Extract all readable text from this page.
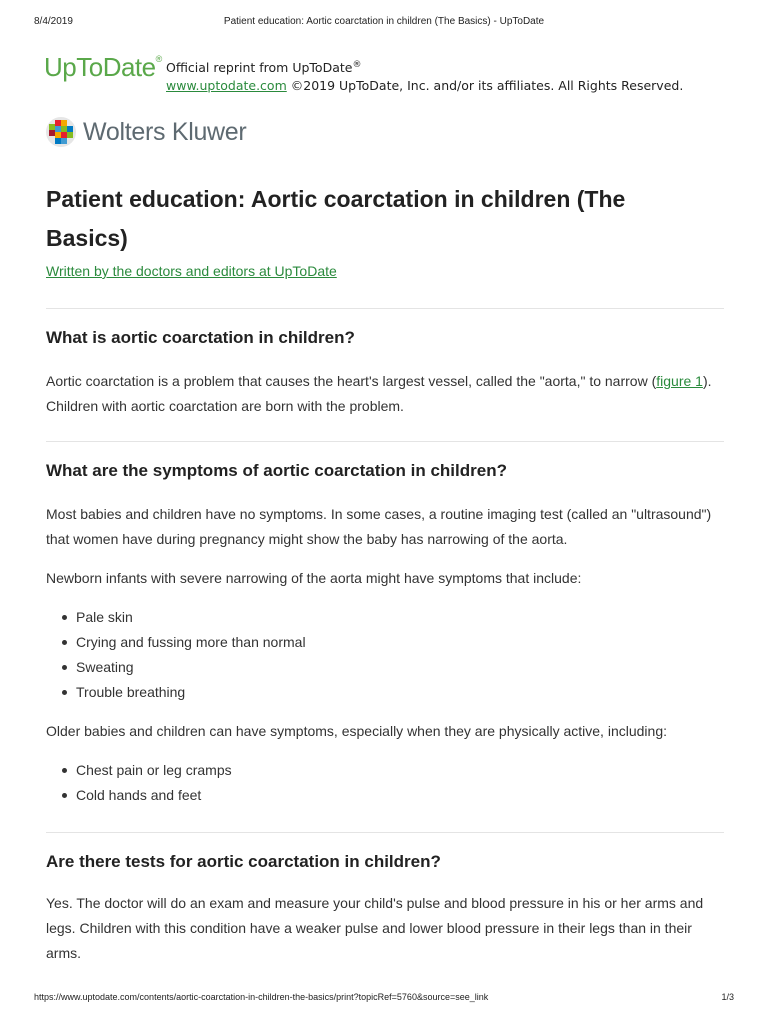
8/4/2019	Patient education: Aortic coarctation in children (The Basics) - UpToDate
UpToDate®
Official reprint from UpToDate®
www.uptodate.com ©2019 UpToDate, Inc. and/or its affiliates. All Rights Reserved.
Wolters Kluwer
Patient education: Aortic coarctation in children (The Basics)
Written by the doctors and editors at UpToDate
What is aortic coarctation in children?

Aortic coarctation is a problem that causes the heart's largest vessel, called the "aorta," to narrow (figure 1). Children with aortic coarctation are born with the problem.

What are the symptoms of aortic coarctation in children?

Most babies and children have no symptoms. In some cases, a routine imaging test (called an "ultrasound") that women have during pregnancy might show the baby has narrowing of the aorta.

Newborn infants with severe narrowing of the aorta might have symptoms that include:

Pale skin
Crying and fussing more than normal
Sweating
Trouble breathing

Older babies and children can have symptoms, especially when they are physically active, including:

Chest pain or leg cramps
Cold hands and feet
Are there tests for aortic coarctation in children?

Yes. The doctor will do an exam and measure your child's pulse and blood pressure in his or her arms and legs. Children with this condition have a weaker pulse and lower blood pressure in their legs than in their arms.

https://www.uptodate.com/contents/aortic-coarctation-in-children-the-basics/print?topicRef=5760&source=see_link	1/3
